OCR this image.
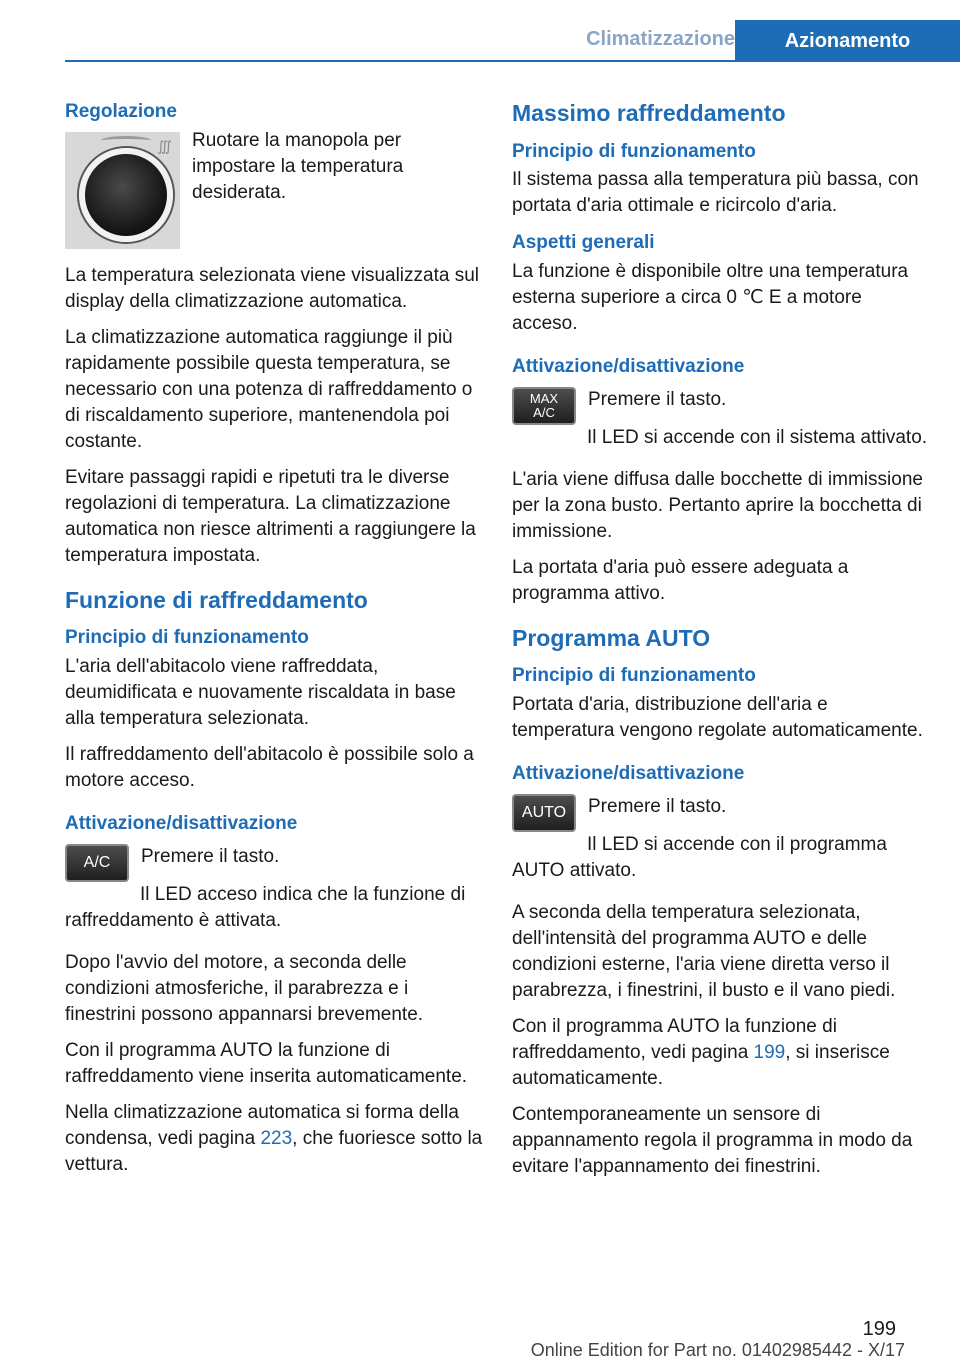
Climatizzazione	Azionamento
Regolazione
∭ Ruotare la manopola per impostare la temperatura desiderata.

La temperatura selezionata viene visualizzata sul display della climatizzazione automatica.

La climatizzazione automatica raggiunge il più rapidamente possibile questa temperatura, se necessario con una potenza di raffreddamento o di riscaldamento superiore, mantenendola poi costante.

Evitare passaggi rapidi e ripetuti tra le diverse regolazioni di temperatura. La climatizzazione automatica non riesce altrimenti a raggiungere la temperatura impostata.

Funzione di raffreddamento
Principio di funzionamento

L'aria dell'abitacolo viene raffreddata, deumidificata e nuovamente riscaldata in base alla temperatura selezionata.

Il raffreddamento dell'abitacolo è possibile solo a motore acceso.

Attivazione/disattivazione
A/C	Premere il tasto.

Il LED acceso indica che la funzione di raffreddamento è attivata.

Dopo l'avvio del motore, a seconda delle condizioni atmosferiche, il parabrezza e i finestrini possono appannarsi brevemente.

Con il programma AUTO la funzione di raffreddamento viene inserita automaticamente.

Nella climatizzazione automatica si forma della condensa, vedi pagina 223, che fuoriesce sotto la vettura.

Massimo raffreddamento
Principio di funzionamento

Il sistema passa alla temperatura più bassa, con portata d'aria ottimale e ricircolo d'aria.

Aspetti generali

La funzione è disponibile oltre una temperatura esterna superiore a circa 0 ℃ E a motore acceso.

Attivazione/disattivazione
MAX
A/C

Premere il tasto.

Il LED si accende con il sistema attivato.

L'aria viene diffusa dalle bocchette di immissione per la zona busto. Pertanto aprire la bocchetta di immissione.

La portata d'aria può essere adeguata a programma attivo.

Programma AUTO
Principio di funzionamento

Portata d'aria, distribuzione dell'aria e temperatura vengono regolate automaticamente.

Attivazione/disattivazione
AUTO	Premere il tasto.

Il LED si accende con il programma AUTO attivato.

A seconda della temperatura selezionata, dell'intensità del programma AUTO e delle condizioni esterne, l'aria viene diretta verso il parabrezza, i finestrini, il busto e il vano piedi.

Con il programma AUTO la funzione di raffreddamento, vedi pagina 199, si inserisce automaticamente.

Contemporaneamente un sensore di appannamento regola il programma in modo da evitare l'appannamento dei finestrini.

199
Online Edition for Part no. 01402985442 - X/17
